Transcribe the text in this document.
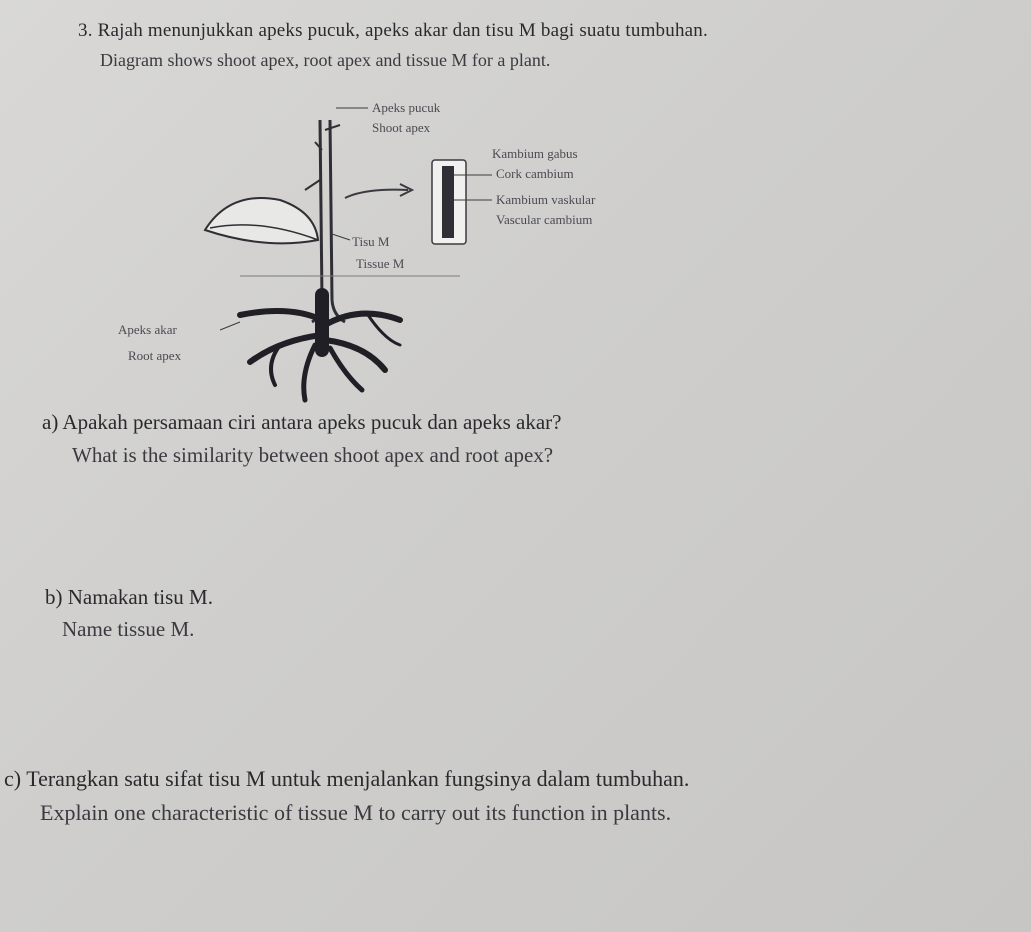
3. Rajah menunjukkan apeks pucuk, apeks akar dan tisu M bagi suatu tumbuhan.
Diagram shows shoot apex, root apex and tissue M for a plant.
Apeks pucuk
Shoot apex
Kambium gabus
Cork cambium
Kambium vaskular
Vascular cambium
Tisu M
Tissue M
Apeks akar
Root apex
a) Apakah persamaan ciri antara apeks pucuk dan apeks akar?
What is the similarity between shoot apex and root apex?
b) Namakan tisu M.
Name tissue M.
c) Terangkan satu sifat tisu M untuk menjalankan fungsinya dalam tumbuhan.
Explain one characteristic of tissue M to carry out its function in plants.
